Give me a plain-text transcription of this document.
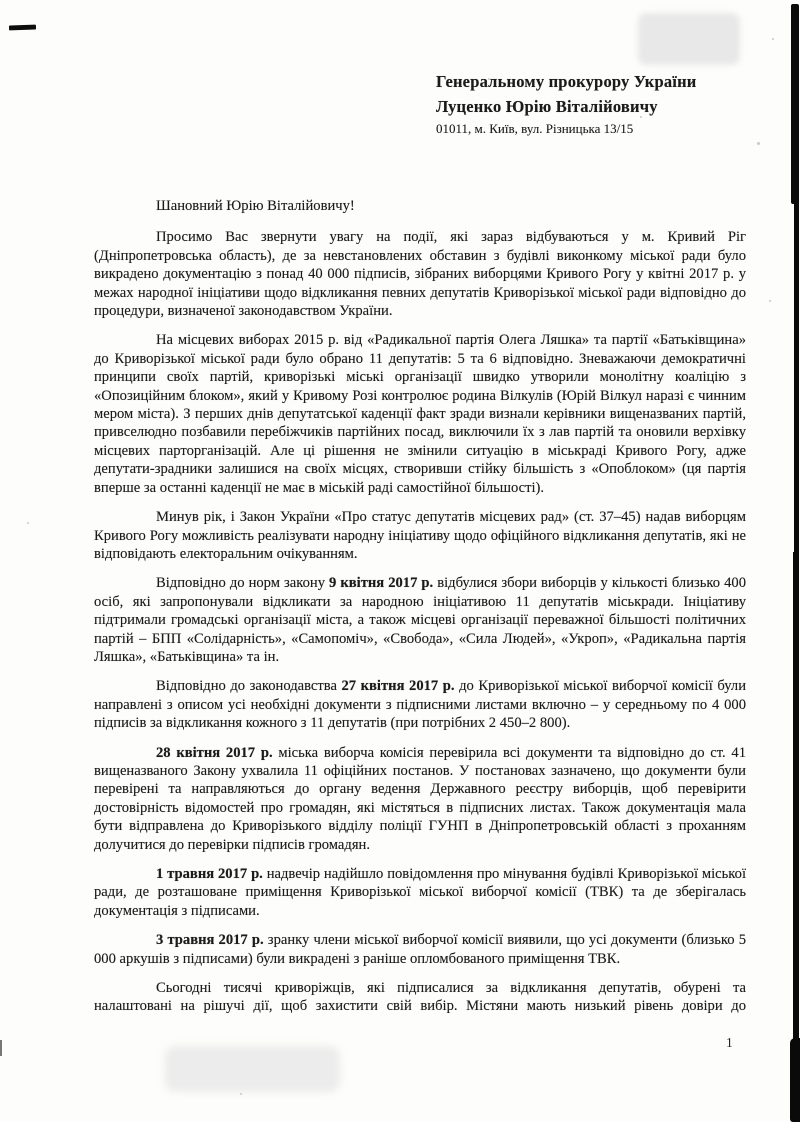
Генеральному прокурору України
Луценко Юрію Віталійовичу
01011, м. Київ, вул. Різницька 13/15
Шановний Юрію Віталійовичу!

Просимо Вас звернути увагу на події, які зараз відбуваються у м. Кривий Ріг (Дніпропетровська область), де за невстановлених обставин з будівлі виконкому міської ради було викрадено документацію з понад 40 000 підписів, зібраних виборцями Кривого Рогу у квітні 2017 р. у межах народної ініціативи щодо відкликання певних депутатів Криворізької міської ради відповідно до процедури, визначеної законодавством України.

На місцевих виборах 2015 р. від «Радикальної партія Олега Ляшка» та партії «Батьківщина» до Криворізької міської ради було обрано 11 депутатів: 5 та 6 відповідно. Зневажаючи демократичні принципи своїх партій, криворізькі міські організації швидко утворили монолітну коаліцію з «Опозиційним блоком», який у Кривому Розі контролює родина Вілкулів (Юрій Вілкул наразі є чинним мером міста). З перших днів депутатської каденції факт зради визнали керівники вищеназваних партій, привселюдно позбавили перебіжчиків партійних посад, виключили їх з лав партій та оновили верхівку місцевих парторганізацій. Але ці рішення не змінили ситуацію в міськраді Кривого Рогу, адже депутати-зрадники залишися на своїх місцях, створивши стійку більшість з «Опоблоком» (ця партія вперше за останні каденції не має в міській раді самостійної більшості).

Минув рік, і Закон України «Про статус депутатів місцевих рад» (ст. 37–45) надав виборцям Кривого Рогу можливість реалізувати народну ініціативу щодо офіційного відкликання депутатів, які не відповідають електоральним очікуванням.

Відповідно до норм закону 9 квітня 2017 р. відбулися збори виборців у кількості близько 400 осіб, які запропонували відкликати за народною ініціативою 11 депутатів міськради. Ініціативу підтримали громадські організації міста, а також місцеві організації переважної більшості політичних партій – БПП «Солідарність», «Самопоміч», «Свобода», «Сила Людей», «Укроп», «Радикальна партія Ляшка», «Батьківщина» та ін.

Відповідно до законодавства 27 квітня 2017 р. до Криворізької міської виборчої комісії були направлені з описом усі необхідні документи з підписними листами включно – у середньому по 4 000 підписів за відкликання кожного з 11 депутатів (при потрібних 2 450–2 800).

28 квітня 2017 р. міська виборча комісія перевірила всі документи та відповідно до ст. 41 вищеназваного Закону ухвалила 11 офіційних постанов. У постановах зазначено, що документи були перевірені та направляються до органу ведення Державного реєстру виборців, щоб перевірити достовірність відомостей про громадян, які містяться в підписних листах. Також документація мала бути відправлена до Криворізького відділу поліції ГУНП в Дніпропетровській області з проханням долучитися до перевірки підписів громадян.

1 травня 2017 р. надвечір надійшло повідомлення про мінування будівлі Криворізької міської ради, де розташоване приміщення Криворізької міської виборчої комісії (ТВК) та де зберігалась документація з підписами.

3 травня 2017 р. зранку члени міської виборчої комісії виявили, що усі документи (близько 5 000 аркушів з підписами) були викрадені з раніше опломбованого приміщення ТВК.

Сьогодні тисячі криворіжців, які підписалися за відкликання депутатів, обурені та налаштовані на рішучі дії, щоб захистити свій вибір. Містяни мають низький рівень довіри до

1
